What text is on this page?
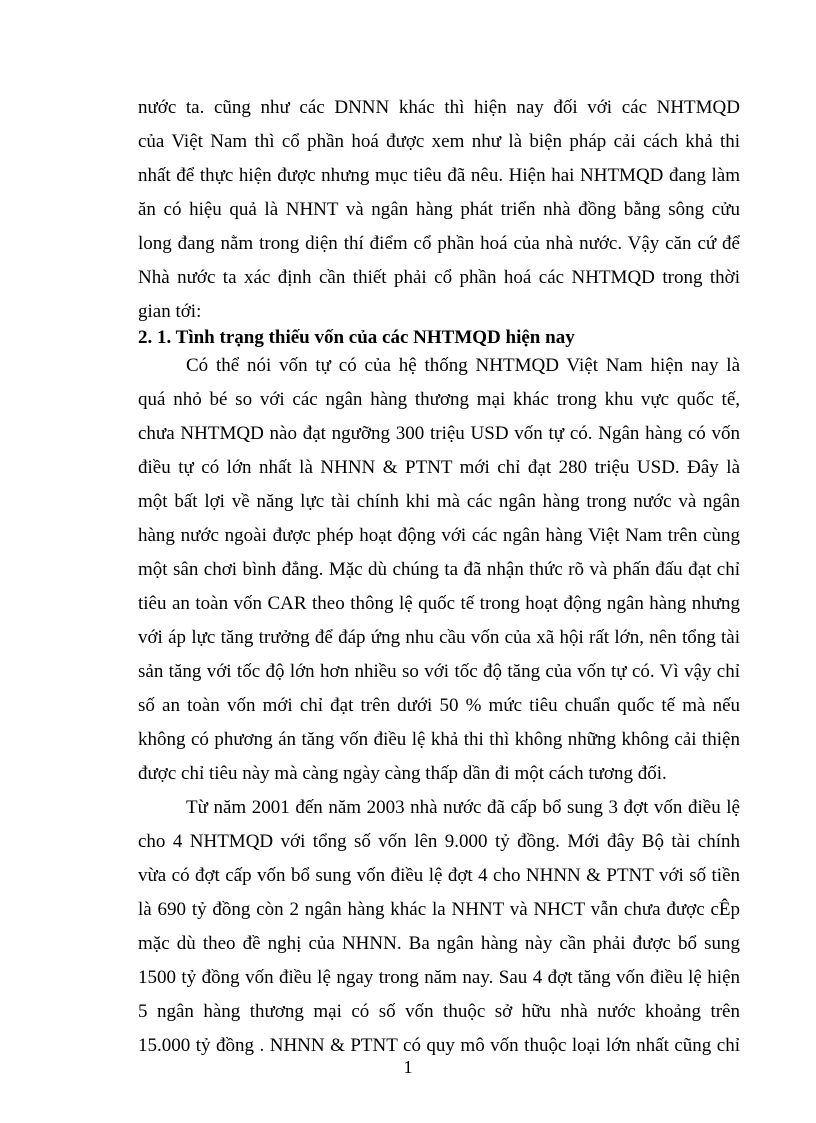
nước ta. cũng như các DNNN khác thì hiện nay đối với các NHTMQD
của Việt Nam thì cổ phần hoá được xem như là biện pháp cải cách khả thi
nhất để thực hiện được nhưng mục tiêu đã nêu. Hiện hai NHTMQD đang làm
ăn có hiệu quả là NHNT và ngân hàng phát triển nhà đồng bằng sông cửu
long đang nằm trong diện thí điểm cổ phần hoá của nhà nước. Vậy căn cứ để
Nhà nước ta xác định cần thiết phải cổ phần hoá các NHTMQD trong thời
gian tới:
2. 1. Tình trạng thiếu vốn của các NHTMQD hiện nay
Có thể nói vốn tự có của hệ thống NHTMQD Việt Nam hiện nay là
quá nhỏ bé so với các ngân hàng thương mại khác trong khu vực quốc tế,
chưa NHTMQD nào đạt ngưỡng 300 triệu USD vốn tự có. Ngân hàng có vốn
điều tự có lớn nhất là NHNN & PTNT mới chỉ đạt 280 triệu USD. Đây là
một bất lợi về năng lực tài chính khi mà các ngân hàng trong nước và ngân
hàng nước ngoài được phép hoạt động với các ngân hàng Việt Nam trên cùng
một sân chơi bình đẳng. Mặc dù chúng ta đã nhận thức rõ và phấn đấu đạt chỉ
tiêu an toàn vốn CAR theo thông lệ quốc tế trong hoạt động ngân hàng nhưng
với áp lực tăng trưởng để đáp ứng nhu cầu vốn của xã hội rất lớn, nên tổng tài
sản tăng với tốc độ lớn hơn nhiều so với tốc độ tăng của vốn tự có. Vì vậy chỉ
số an toàn vốn mới chỉ đạt trên dưới 50 % mức tiêu chuẩn quốc tế mà nếu
không có phương án tăng vốn điều lệ khả thi thì không những không cải thiện
được chỉ tiêu này mà càng ngày càng thấp dần đi một cách tương đối.
Từ năm 2001 đến năm 2003 nhà nước đã cấp bổ sung 3 đợt vốn điều lệ
cho 4 NHTMQD với tổng số vốn lên 9.000 tỷ đồng. Mới đây Bộ tài chính
vừa có đợt cấp vốn bổ sung vốn điều lệ đợt 4 cho NHNN & PTNT với số tiền
là 690 tỷ đồng còn 2 ngân hàng khác la NHNT và NHCT vẫn chưa được cÊp
mặc dù theo đề nghị của NHNN. Ba ngân hàng này cần phải được bổ sung
1500 tỷ đồng vốn điều lệ ngay trong năm nay. Sau 4 đợt tăng vốn điều lệ hiện
5 ngân hàng thương mại có số vốn thuộc sở hữu nhà nước khoảng trên
15.000 tỷ đồng . NHNN & PTNT có quy mô vốn thuộc loại lớn nhất cũng chỉ
1
